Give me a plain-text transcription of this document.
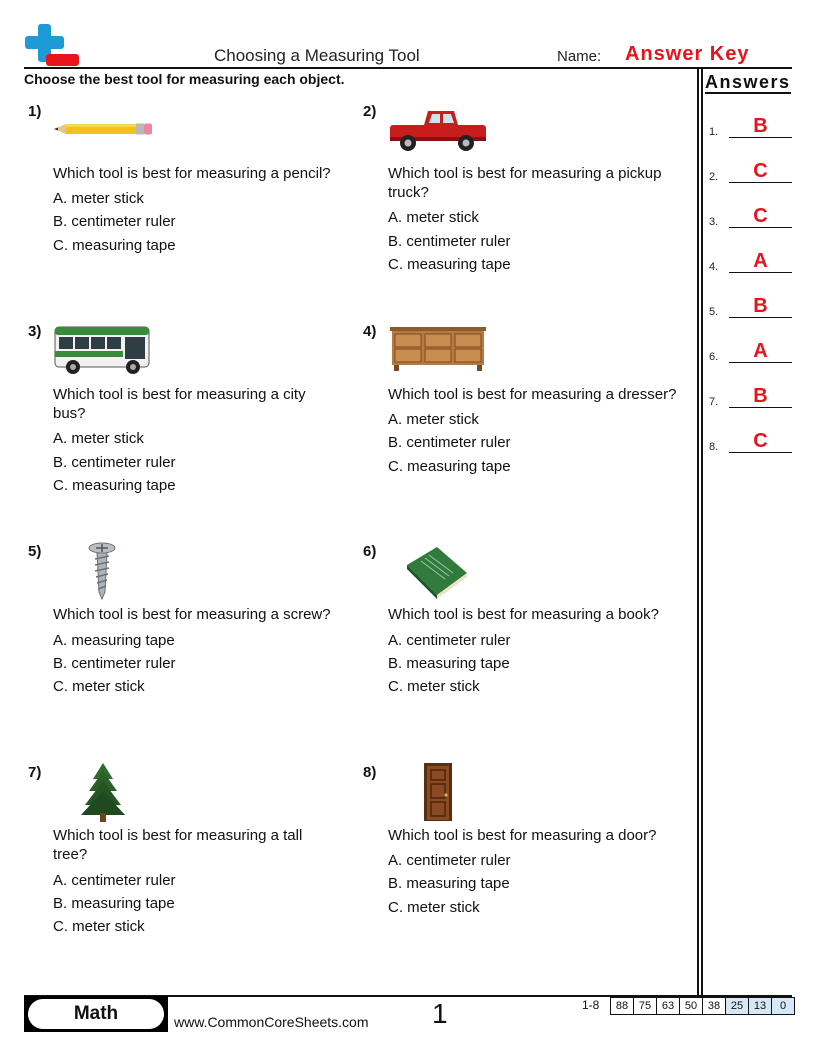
Choosing a Measuring Tool	Name: Answer Key
Choose the best tool for measuring each object.	Answers
1.	B
2.	C
3.	C
4.	A
5.	B
6.	A
7.	B
8.	C
1)
Which tool is best for measuring a pencil?
A. meter stick
B. centimeter ruler
C. measuring tape
2)
Which tool is best for measuring a pickup
truck?
A. meter stick
B. centimeter ruler
C. measuring tape
3)
Which tool is best for measuring a city
bus?
A. meter stick
B. centimeter ruler
C. measuring tape
4)
Which tool is best for measuring a dresser?
A. meter stick
B. centimeter ruler
C. measuring tape
5)
Which tool is best for measuring a screw?
A. measuring tape
B. centimeter ruler
C. meter stick
6)
Which tool is best for measuring a book?
A. centimeter ruler
B. measuring tape
C. meter stick
7)
Which tool is best for measuring a tall
tree?
A. centimeter ruler
B. measuring tape
C. meter stick
8)
Which tool is best for measuring a door?
A. centimeter ruler
B. measuring tape
C. meter stick
Math	www.CommonCoreSheets.com 1	1-8	88 75 63 50 38 25 13	0
